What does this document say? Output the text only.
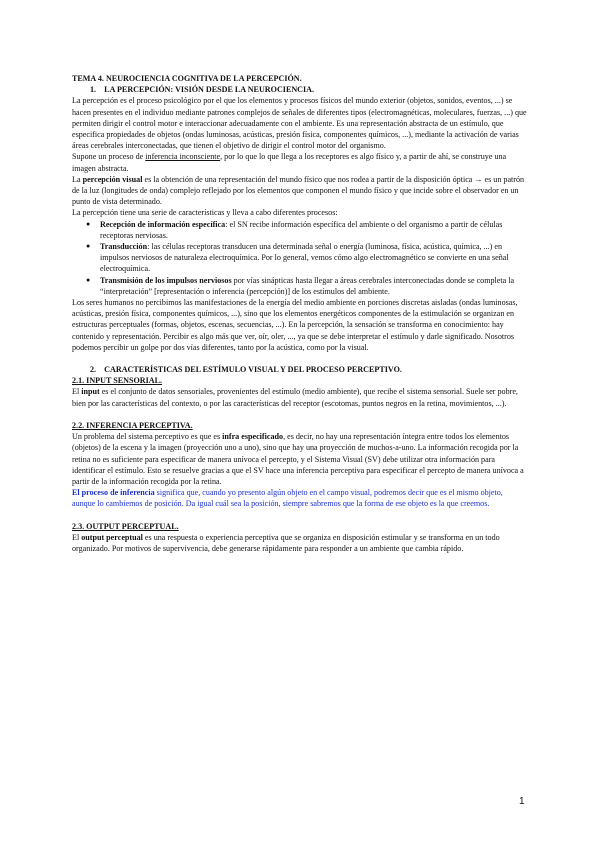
TEMA 4. NEUROCIENCIA COGNITIVA DE LA PERCEPCIÓN.

1. LA PERCEPCIÓN: VISIÓN DESDE LA NEUROCIENCIA.

La percepción es el proceso psicológico por el que los elementos y procesos físicos del mundo exterior (objetos, sonidos, eventos, ...) se hacen presentes en el individuo mediante patrones complejos de señales de diferentes tipos (electromagnéticas, moleculares, fuerzas, ...) que permiten dirigir el control motor e interaccionar adecuadamente con el ambiente. Es una representación abstracta de un estímulo, que especifica propiedades de objetos (ondas luminosas, acústicas, presión física, componentes químicos, ...), mediante la activación de varias áreas cerebrales interconectadas, que tienen el objetivo de dirigir el control motor del organismo.

Supone un proceso de inferencia inconsciente, por lo que lo que llega a los receptores es algo físico y, a partir de ahí, se construye una imagen abstracta.

La percepción visual es la obtención de una representación del mundo físico que nos rodea a partir de la disposición óptica → es un patrón de la luz (longitudes de onda) complejo reflejado por los elementos que componen el mundo físico y que incide sobre el observador en un punto de vista determinado.

La percepción tiene una serie de características y lleva a cabo diferentes procesos:

● Recepción de información específica: el SN recibe información específica del ambiente o del organismo a partir de células receptoras nerviosas.
● Transducción: las células receptoras transducen una determinada señal o energía (luminosa, física, acústica, química, ...) en impulsos nerviosos de naturaleza electroquímica. Por lo general, vemos cómo algo electromagnético se convierte en una señal electroquímica.
● Transmisión de los impulsos nerviosos por vías sinápticas hasta llegar a áreas cerebrales interconectadas donde se completa la “interpretación” [representación o inferencia (percepción)] de los estímulos del ambiente.

Los seres humanos no percibimos las manifestaciones de la energía del medio ambiente en porciones discretas aisladas (ondas luminosas, acústicas, presión física, componentes químicos, ...), sino que los elementos energéticos componentes de la estimulación se organizan en estructuras perceptuales (formas, objetos, escenas, secuencias, ...). En la percepción, la sensación se transforma en conocimiento: hay contenido y representación. Percibir es algo más que ver, oír, oler, ..., ya que se debe interpretar el estímulo y darle significado. Nosotros podemos percibir un golpe por dos vías diferentes, tanto por la acústica, como por la visual.

2. CARACTERÍSTICAS DEL ESTÍMULO VISUAL Y DEL PROCESO PERCEPTIVO.

2.1. INPUT SENSORIAL.

El input es el conjunto de datos sensoriales, provenientes del estímulo (medio ambiente), que recibe el sistema sensorial. Suele ser pobre, bien por las características del contexto, o por las características del receptor (escotomas, puntos negros en la retina, movimientos, ...).

2.2. INFERENCIA PERCEPTIVA.

Un problema del sistema perceptivo es que es infra especificado, es decir, no hay una representación íntegra entre todos los elementos (objetos) de la escena y la imagen (proyección uno a uno), sino que hay una proyección de muchos-a-uno. La información recogida por la retina no es suficiente para especificar de manera unívoca el percepto, y el Sistema Visual (SV) debe utilizar otra información para identificar el estímulo. Esto se resuelve gracias a que el SV hace una inferencia perceptiva para especificar el percepto de manera unívoca a partir de la información recogida por la retina.

El proceso de inferencia significa que, cuando yo presento algún objeto en el campo visual, podremos decir que es el mismo objeto, aunque lo cambiemos de posición. Da igual cuál sea la posición, siempre sabremos que la forma de ese objeto es la que creemos.

2.3. OUTPUT PERCEPTUAL.

El output perceptual es una respuesta o experiencia perceptiva que se organiza en disposición estimular y se transforma en un todo organizado. Por motivos de supervivencia, debe generarse rápidamente para responder a un ambiente que cambia rápido.

1
